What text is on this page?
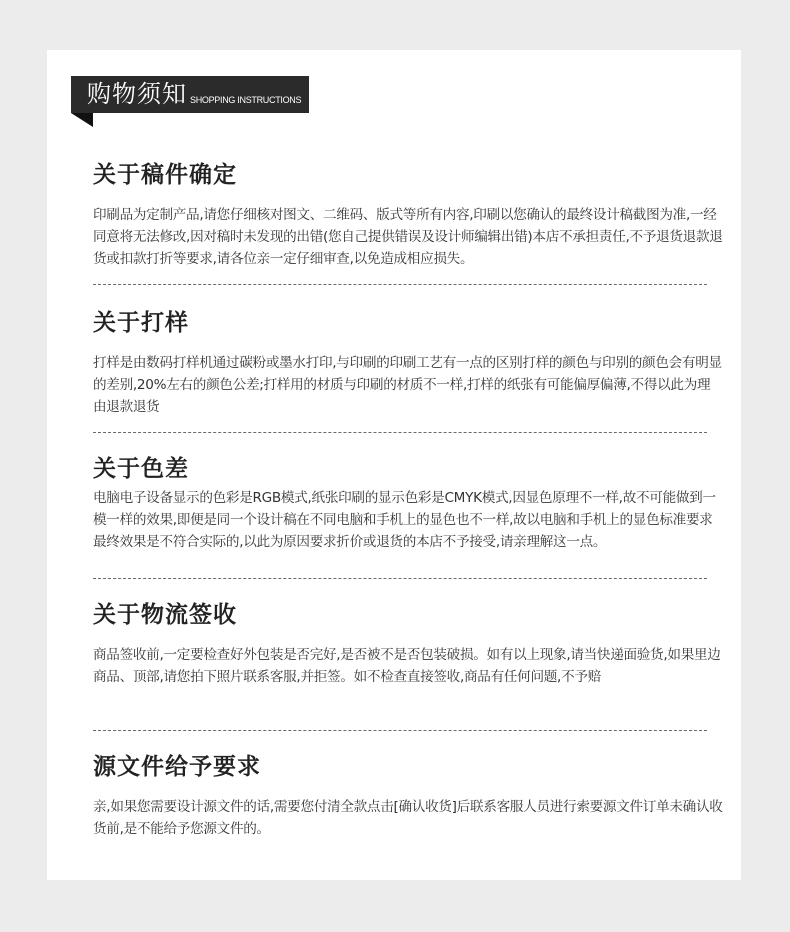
购物须知 SHOPPING INSTRUCTIONS
关于稿件确定

印刷品为定制产品,请您仔细核对图文、二维码、版式等所有内容,印刷以您确认的最终设计稿截图为准,一经同意将无法修改,因对稿时未发现的出错(您自己提供错误及设计师编辑出错)本店不承担责任,不予退货退款退货或扣款打折等要求,请各位亲一定仔细审查,以免造成相应损失。

关于打样

打样是由数码打样机通过碳粉或墨水打印,与印刷的印刷工艺有一点的区别打样的颜色与印别的颜色会有明显的差别,20%左右的颜色公差;打样用的材质与印刷的材质不一样,打样的纸张有可能偏厚偏薄,不得以此为理由退款退货

关于色差

电脑电子设备显示的色彩是RGB模式,纸张印刷的显示色彩是CMYK模式,因显色原理不一样,故不可能做到一模一样的效果,即便是同一个设计稿在不同电脑和手机上的显色也不一样,故以电脑和手机上的显色标准要求最终效果是不符合实际的,以此为原因要求折价或退货的本店不予接受,请亲理解这一点。

关于物流签收

商品签收前,一定要检查好外包装是否完好,是否被不是否包装破损。如有以上现象,请当快递面验货,如果里边商品、顶部,请您拍下照片联系客服,并拒签。如不检查直接签收,商品有任何问题,不予赔

源文件给予要求

亲,如果您需要设计源文件的话,需要您付清全款点击[确认收货]后联系客服人员进行索要源文件订单未确认收货前,是不能给予您源文件的。
